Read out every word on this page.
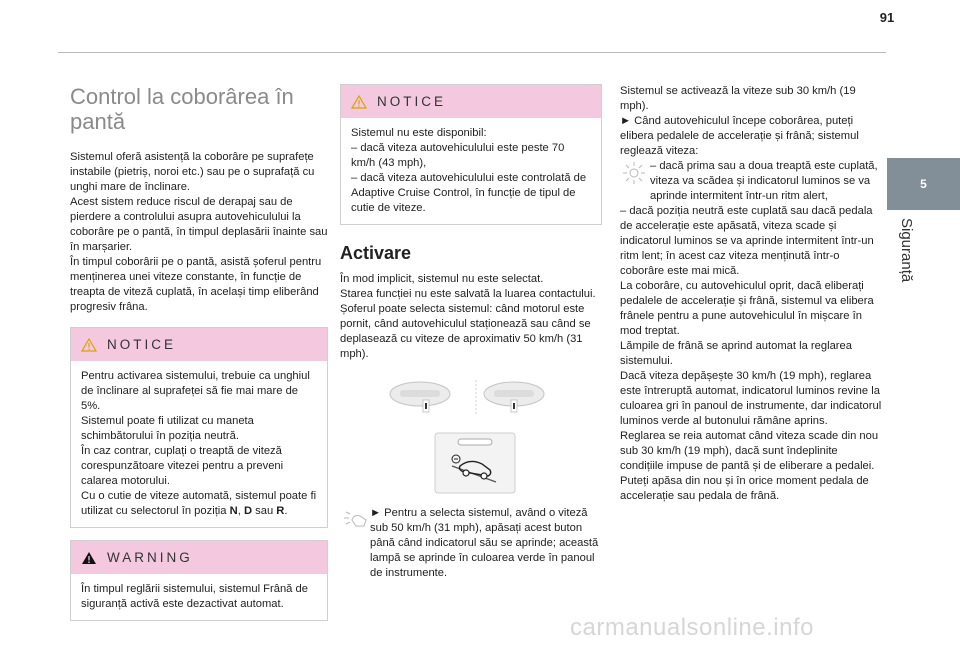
91
5
Siguranță
Control la coborârea în
pantă

Sistemul oferă asistență la coborâre pe suprafețe instabile (pietriș, noroi etc.) sau pe o suprafață cu unghi mare de înclinare.

Acest sistem reduce riscul de derapaj sau de pierdere a controlului asupra autovehiculului la coborâre pe o pantă, în timpul deplasării înainte sau în marșarier.

În timpul coborârii pe o pantă, asistă șoferul pentru menținerea unei viteze constante, în funcție de treapta de viteză cuplată, în același timp eliberând progresiv frâna.

NOTICE

Pentru activarea sistemului, trebuie ca unghiul de înclinare al suprafeței să fie mai mare de 5%.

Sistemul poate fi utilizat cu maneta schimbătorului în poziția neutră.

În caz contrar, cuplați o treaptă de viteză corespunzătoare vitezei pentru a preveni calarea motorului.

Cu o cutie de viteze automată, sistemul poate fi utilizat cu selectorul în poziția N, D sau R.

WARNING

În timpul reglării sistemului, sistemul Frână de siguranță activă este dezactivat automat.

NOTICE

Sistemul nu este disponibil:

– dacă viteza autovehiculului este peste 70 km/h (43 mph),

– dacă viteza autovehiculului este controlată de Adaptive Cruise Control, în funcție de tipul de cutie de viteze.

Activare

În mod implicit, sistemul nu este selectat.

Starea funcției nu este salvată la luarea contactului.

Șoferul poate selecta sistemul: când motorul este pornit, când autovehiculul staționează sau când se deplasează cu viteze de aproximativ 50 km/h (31 mph).

► Pentru a selecta sistemul, având o viteză sub 50 km/h (31 mph), apăsați acest buton până când indicatorul său se aprinde; această lampă se aprinde în culoarea verde în panoul de instrumente.

Sistemul se activează la viteze sub 30 km/h (19 mph).

► Când autovehiculul începe coborârea, puteți elibera pedalele de accelerație și frână; sistemul reglează viteza:

– dacă prima sau a doua treaptă este cuplată, viteza va scădea și indicatorul luminos se va aprinde intermitent într-un ritm alert,

– dacă poziția neutră este cuplată sau dacă pedala de accelerație este apăsată, viteza scade și indicatorul luminos se va aprinde intermitent într-un ritm lent; în acest caz viteza menținută într-o coborâre este mai mică.

La coborâre, cu autovehiculul oprit, dacă eliberați pedalele de accelerație și frână, sistemul va elibera frânele pentru a pune autovehiculul în mișcare în mod treptat.

Lămpile de frână se aprind automat la reglarea sistemului.

Dacă viteza depășește 30 km/h (19 mph), reglarea este întreruptă automat, indicatorul luminos revine la culoarea gri în panoul de instrumente, dar indicatorul luminos verde al butonului rămâne aprins.

Reglarea se reia automat când viteza scade din nou sub 30 km/h (19 mph), dacă sunt îndeplinite condițiile impuse de pantă și de eliberare a pedalei.

Puteți apăsa din nou și în orice moment pedala de accelerație sau pedala de frână.

carmanualsonline.info
